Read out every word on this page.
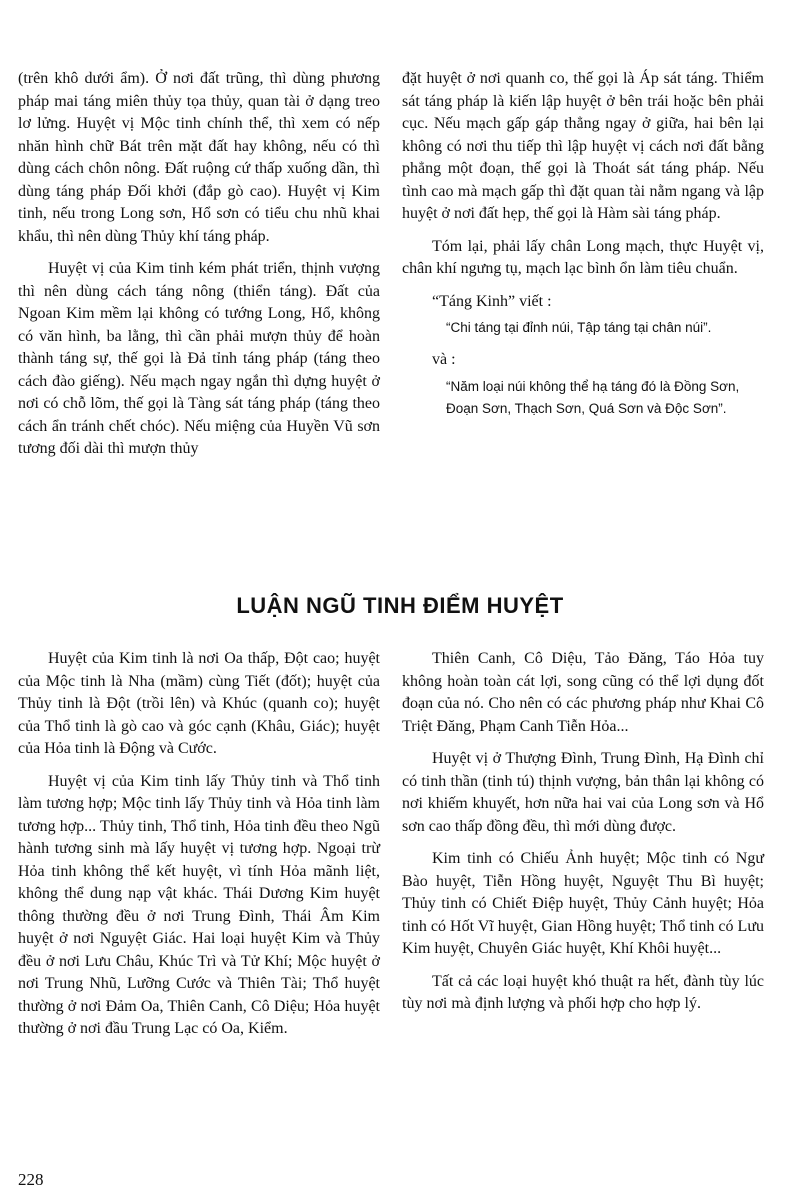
(trên khô dưới ẩm). Ở nơi đất trũng, thì dùng phương pháp mai táng miên thủy tọa thủy, quan tài ở dạng treo lơ lửng. Huyệt vị Mộc tinh chính thể, thì xem có nếp nhăn hình chữ Bát trên mặt đất hay không, nếu có thì dùng cách chôn nông. Đất ruộng cứ thấp xuống dần, thì dùng táng pháp Đối khởi (đắp gò cao). Huyệt vị Kim tinh, nếu trong Long sơn, Hổ sơn có tiểu chu nhũ khai khẩu, thì nên dùng Thủy khí táng pháp.

Huyệt vị của Kim tinh kém phát triển, thịnh vượng thì nên dùng cách táng nông (thiển táng). Đất của Ngoan Kim mềm lại không có tướng Long, Hổ, không có văn hình, ba lằng, thì cần phải mượn thủy để hoàn thành táng sự, thế gọi là Đả tỉnh táng pháp (táng theo cách đào giếng). Nếu mạch ngay ngắn thì dựng huyệt ở nơi có chỗ lõm, thế gọi là Tàng sát táng pháp (táng theo cách ẩn tránh chết chóc). Nếu miệng của Huyền Vũ sơn tương đối dài thì mượn thủy

đặt huyệt ở nơi quanh co, thế gọi là Áp sát táng. Thiểm sát táng pháp là kiến lập huyệt ở bên trái hoặc bên phải cục. Nếu mạch gấp gáp thẳng ngay ở giữa, hai bên lại không có nơi thu tiếp thì lập huyệt vị cách nơi đất bằng phẳng một đoạn, thế gọi là Thoát sát táng pháp. Nếu tình cao mà mạch gấp thì đặt quan tài nằm ngang và lập huyệt ở nơi đất hẹp, thế gọi là Hàm sài táng pháp.

Tóm lại, phải lấy chân Long mạch, thực Huyệt vị, chân khí ngưng tụ, mạch lạc bình ổn làm tiêu chuẩn.

“Táng Kinh” viết :

“Chi táng tại đỉnh núi, Tập táng tại chân núi”.

và :

“Năm loại núi không thể hạ táng đó là Đồng Sơn, Đoạn Sơn, Thạch Sơn, Quá Sơn và Độc Sơn”.

LUẬN NGŨ TINH ĐIỂM HUYỆT

Huyệt của Kim tinh là nơi Oa thấp, Đột cao; huyệt của Mộc tinh là Nha (mầm) cùng Tiết (đốt); huyệt của Thủy tinh là Đột (trồi lên) và Khúc (quanh co); huyệt của Thổ tinh là gò cao và góc cạnh (Khâu, Giác); huyệt của Hỏa tinh là Động và Cước.

Huyệt vị của Kim tinh lấy Thủy tinh và Thổ tinh làm tương hợp; Mộc tinh lấy Thủy tinh và Hỏa tinh làm tương hợp... Thủy tinh, Thổ tinh, Hỏa tinh đều theo Ngũ hành tương sinh mà lấy huyệt vị tương hợp. Ngoại trừ Hỏa tinh không thể kết huyệt, vì tính Hỏa mãnh liệt, không thể dung nạp vật khác. Thái Dương Kim huyệt thông thường đều ở nơi Trung Đình, Thái Âm Kim huyệt ở nơi Nguyệt Giác. Hai loại huyệt Kim và Thủy đều ở nơi Lưu Châu, Khúc Trì và Tử Khí; Mộc huyệt ở nơi Trung Nhũ, Lưỡng Cước và Thiên Tài; Thổ huyệt thường ở nơi Đảm Oa, Thiên Canh, Cô Diệu; Hỏa huyệt thường ở nơi đầu Trung Lạc có Oa, Kiểm.

Thiên Canh, Cô Diệu, Tảo Đăng, Táo Hỏa tuy không hoàn toàn cát lợi, song cũng có thể lợi dụng đốt đoạn của nó. Cho nên có các phương pháp như Khai Cô Triệt Đăng, Phạm Canh Tiễn Hỏa...

Huyệt vị ở Thượng Đình, Trung Đình, Hạ Đình chỉ có tinh thần (tinh tú) thịnh vượng, bản thân lại không có nơi khiếm khuyết, hơn nữa hai vai của Long sơn và Hổ sơn cao thấp đồng đều, thì mới dùng được.

Kim tinh có Chiếu Ảnh huyệt; Mộc tinh có Ngư Bào huyệt, Tiễn Hồng huyệt, Nguyệt Thu Bì huyệt; Thủy tinh có Chiết Điệp huyệt, Thủy Cảnh huyệt; Hỏa tinh có Hốt Vĩ huyệt, Gian Hồng huyệt; Thổ tinh có Lưu Kim huyệt, Chuyên Giác huyệt, Khí Khôi huyệt...

Tất cả các loại huyệt khó thuật ra hết, đành tùy lúc tùy nơi mà định lượng và phối hợp cho hợp lý.

228
